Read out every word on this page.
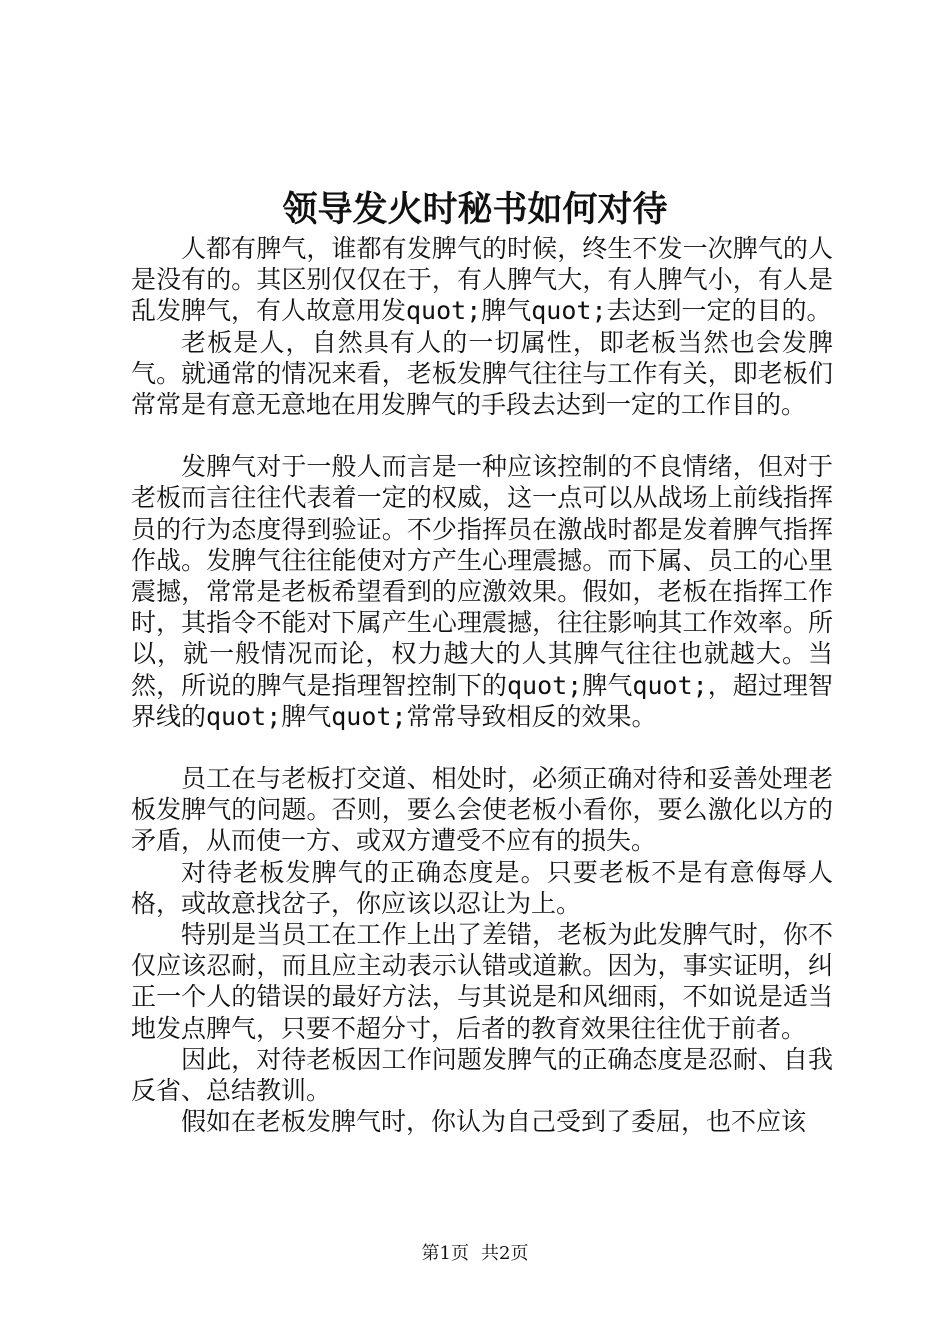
领导发火时秘书如何对待

人都有脾气，谁都有发脾气的时候，终生不发一次脾气的人是没有的。其区别仅仅在于，有人脾气大，有人脾气小，有人是乱发脾气，有人故意用发quot;脾气quot;去达到一定的目的。

老板是人，自然具有人的一切属性，即老板当然也会发脾气。就通常的情况来看，老板发脾气往往与工作有关，即老板们常常是有意无意地在用发脾气的手段去达到一定的工作目的。

发脾气对于一般人而言是一种应该控制的不良情绪，但对于老板而言往往代表着一定的权威，这一点可以从战场上前线指挥员的行为态度得到验证。不少指挥员在激战时都是发着脾气指挥作战。发脾气往往能使对方产生心理震撼。而下属、员工的心里震撼，常常是老板希望看到的应激效果。假如，老板在指挥工作时，其指令不能对下属产生心理震撼，往往影响其工作效率。所以，就一般情况而论，权力越大的人其脾气往往也就越大。当然，所说的脾气是指理智控制下的quot;脾气quot;，超过理智界线的quot;脾气quot;常常导致相反的效果。

员工在与老板打交道、相处时，必须正确对待和妥善处理老板发脾气的问题。否则，要么会使老板小看你，要么激化以方的矛盾，从而使一方、或双方遭受不应有的损失。

对待老板发脾气的正确态度是。只要老板不是有意侮辱人格，或故意找岔子，你应该以忍让为上。

特别是当员工在工作上出了差错，老板为此发脾气时，你不仅应该忍耐，而且应主动表示认错或道歉。因为，事实证明，纠正一个人的错误的最好方法，与其说是和风细雨，不如说是适当地发点脾气，只要不超分寸，后者的教育效果往往优于前者。

因此，对待老板因工作问题发脾气的正确态度是忍耐、自我反省、总结教训。

假如在老板发脾气时，你认为自己受到了委屈，也不应该

第1页 共2页
